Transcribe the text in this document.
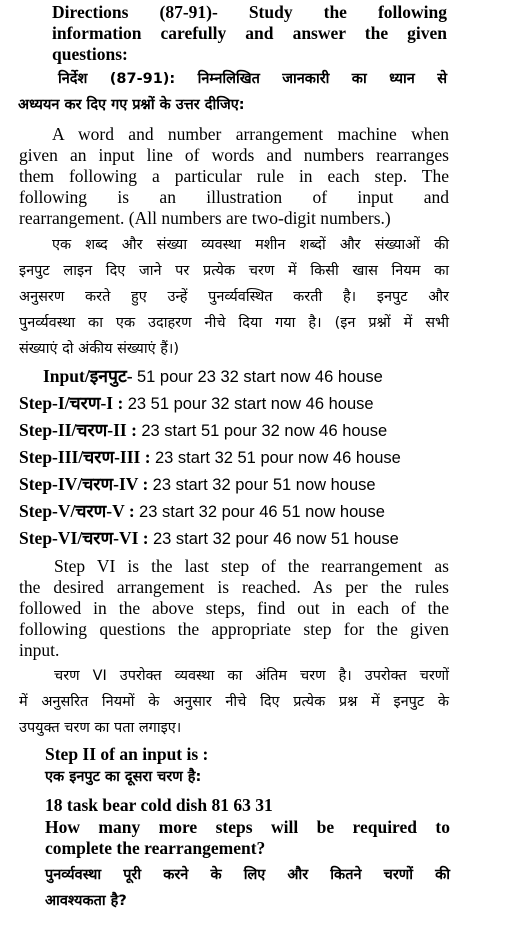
Directions (87-91)- Study the following
information carefully and answer the given
questions:
निर्देश (87-91): निम्नलिखित जानकारी का ध्यान से
अध्ययन कर दिए गए प्रश्नों के उत्तर दीजिए:
A word and number arrangement machine when
given an input line of words and numbers rearranges
them following a particular rule in each step. The
following is an illustration of input and
rearrangement. (All numbers are two-digit numbers.)
एक शब्द और संख्या व्यवस्था मशीन शब्दों और संख्याओं की
इनपुट लाइन दिए जाने पर प्रत्येक चरण में किसी खास नियम का
अनुसरण करते हुए उन्हें पुनर्व्यवस्थित करती है। इनपुट और
पुनर्व्यवस्था का एक उदाहरण नीचे दिया गया है। (इन प्रश्नों में सभी
संख्याएं दो अंकीय संख्याएं हैं।)
Input/इनपुट- 51 pour 23 32 start now 46 house
Step-I/चरण-I : 23 51 pour 32 start now 46 house
Step-II/चरण-II : 23 start 51 pour 32 now 46 house
Step-III/चरण-III : 23 start 32 51 pour now 46 house
Step-IV/चरण-IV : 23 start 32 pour 51 now house
Step-V/चरण-V : 23 start 32 pour 46 51 now house
Step-VI/चरण-VI : 23 start 32 pour 46 now 51 house
Step VI is the last step of the rearrangement as
the desired arrangement is reached. As per the rules
followed in the above steps, find out in each of the
following questions the appropriate step for the given
input.
चरण VI उपरोक्त व्यवस्था का अंतिम चरण है। उपरोक्त चरणों
में अनुसरित नियमों के अनुसार नीचे दिए प्रत्येक प्रश्न में इनपुट के
उपयुक्त चरण का पता लगाइए।
Step II of an input is :
एक इनपुट का दूसरा चरण है:
18 task bear cold dish 81 63 31
How many more steps will be required to
complete the rearrangement?
पुनर्व्यवस्था पूरी करने के लिए और कितने चरणों की
आवश्यकता है?
